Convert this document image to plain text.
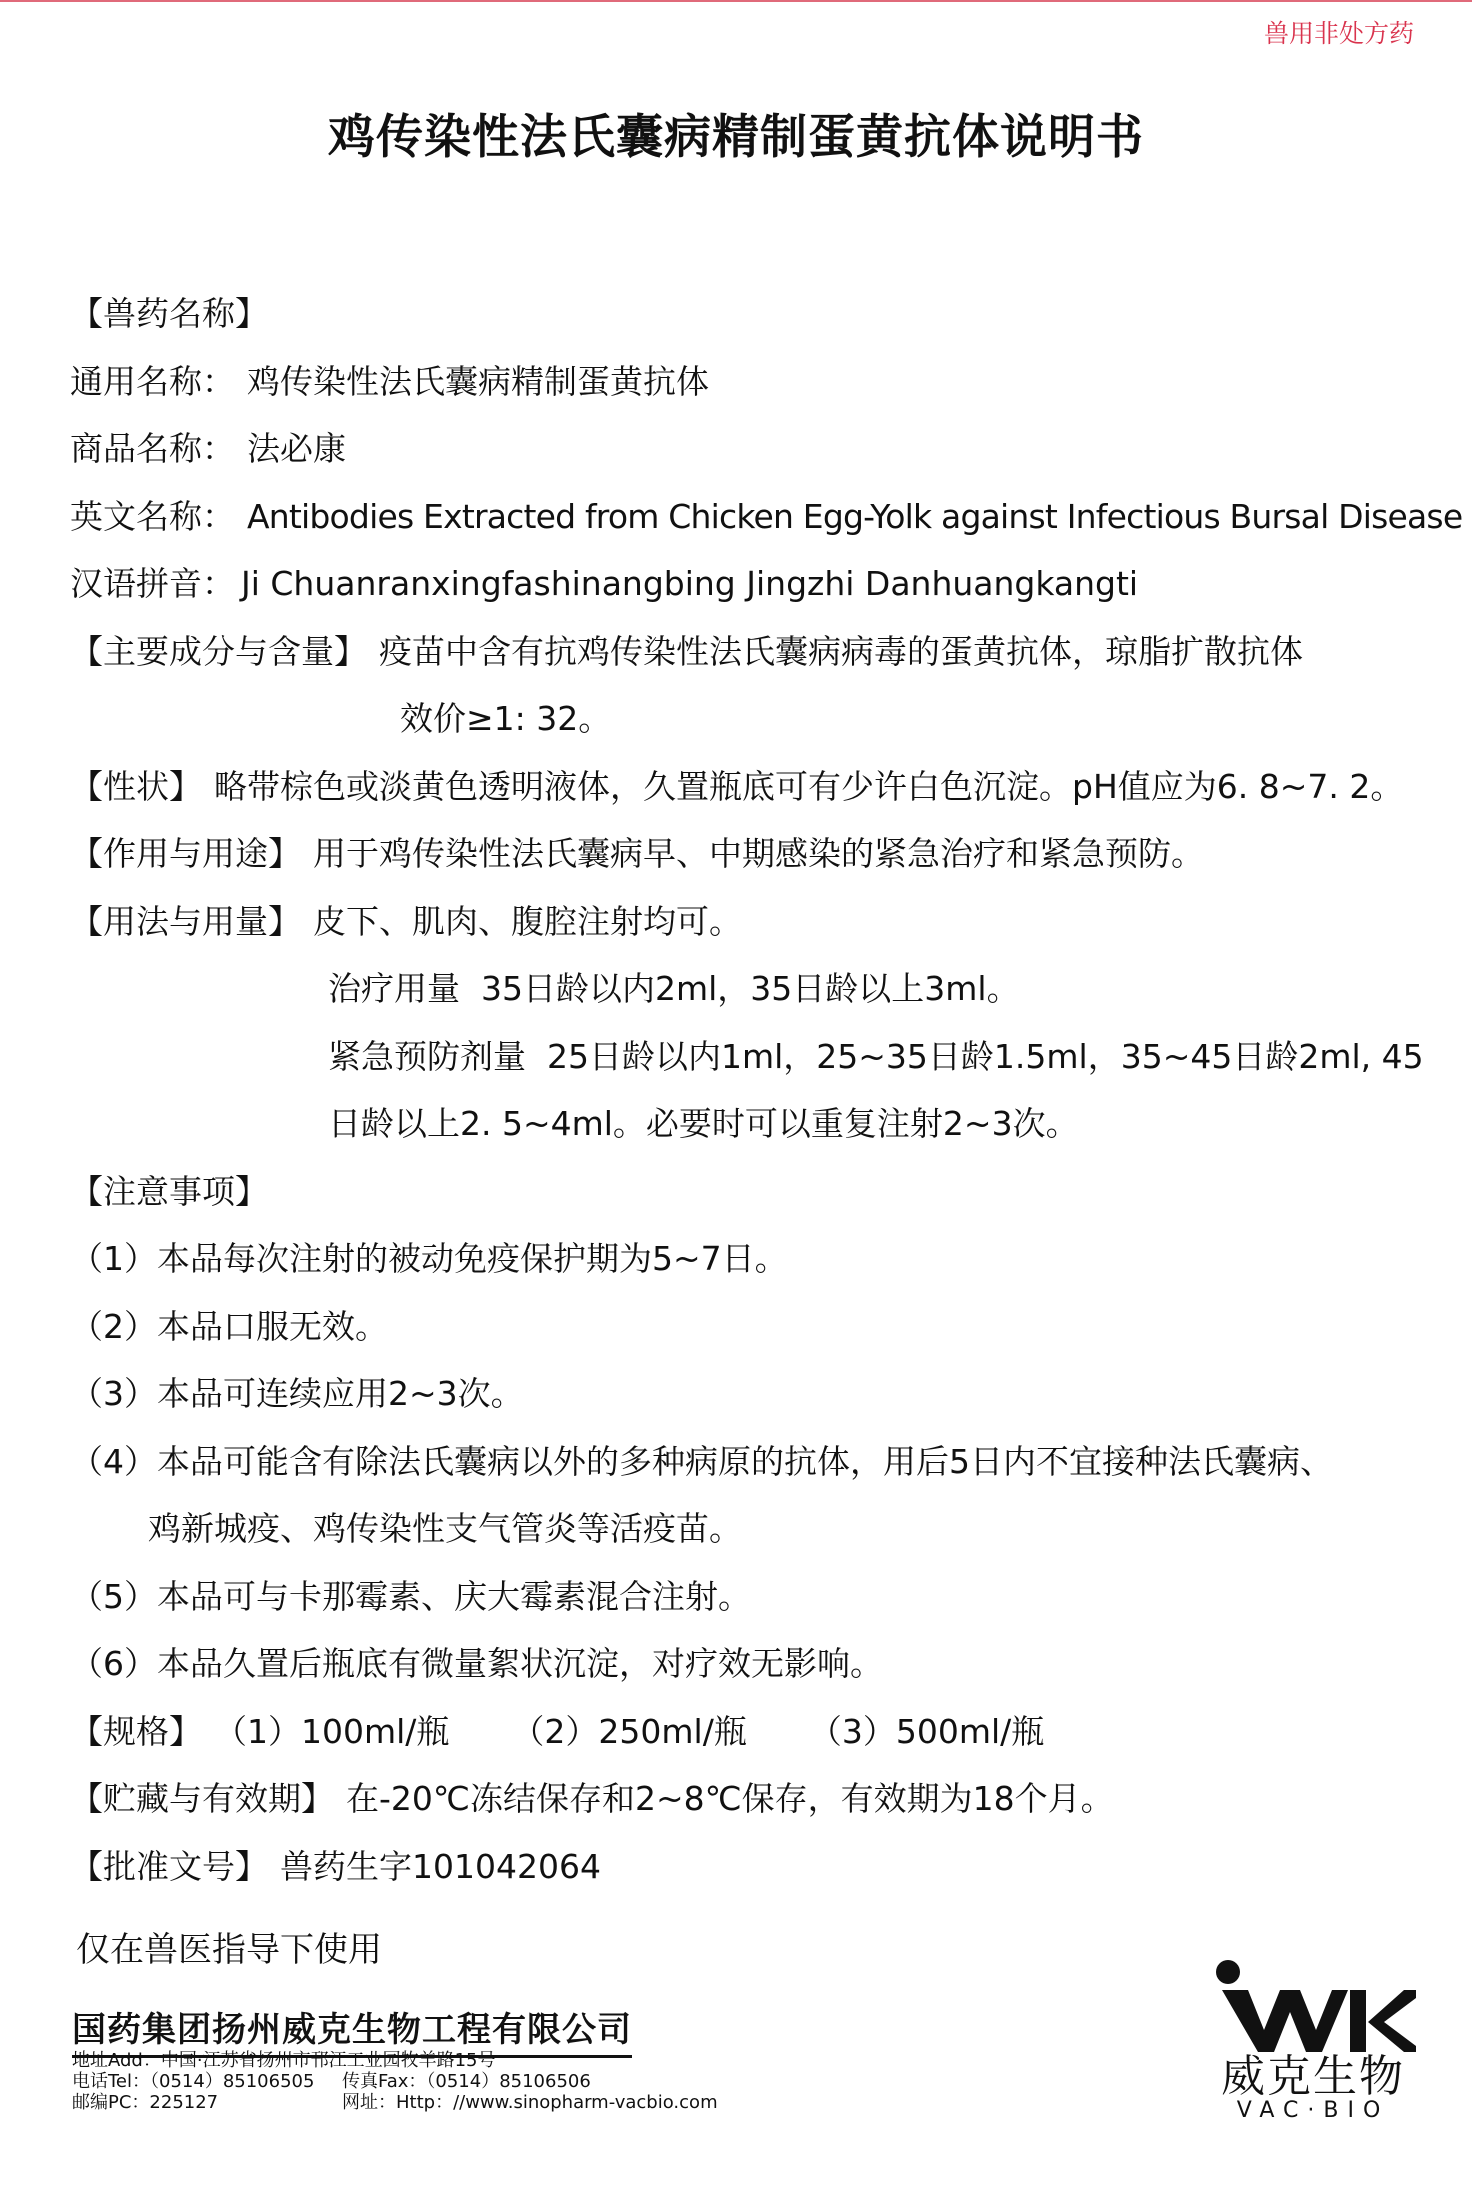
兽用非处方药
鸡传染性法氏囊病精制蛋黄抗体说明书
【兽药名称】
通用名称： 鸡传染性法氏囊病精制蛋黄抗体
商品名称： 法必康
英文名称： Antibodies Extracted from Chicken Egg-Yolk against Infectious Bursal Disease
汉语拼音： Ji Chuanranxingfashinangbing Jingzhi Danhuangkangti
【主要成分与含量】 疫苗中含有抗鸡传染性法氏囊病病毒的蛋黄抗体，琼脂扩散抗体
效价≥1: 32。
【性状】 略带棕色或淡黄色透明液体，久置瓶底可有少许白色沉淀。pH值应为6. 8~7. 2。
【作用与用途】 用于鸡传染性法氏囊病早、中期感染的紧急治疗和紧急预防。
【用法与用量】 皮下、肌肉、腹腔注射均可。
治疗用量  35日龄以内2ml，35日龄以上3ml。
紧急预防剂量  25日龄以内1ml，25~35日龄1.5ml，35~45日龄2ml, 45
日龄以上2. 5~4ml。必要时可以重复注射2~3次。
【注意事项】
（1）本品每次注射的被动免疫保护期为5~7日。
（2）本品口服无效。
（3）本品可连续应用2~3次。
（4）本品可能含有除法氏囊病以外的多种病原的抗体，用后5日内不宜接种法氏囊病、
鸡新城疫、鸡传染性支气管炎等活疫苗。
（5）本品可与卡那霉素、庆大霉素混合注射。
（6）本品久置后瓶底有微量絮状沉淀，对疗效无影响。
【规格】 （1）100ml/瓶 （2）250ml/瓶 （3）500ml/瓶
【贮藏与有效期】 在-20℃冻结保存和2~8℃保存，有效期为18个月。
【批准文号】 兽药生字101042064
仅在兽医指导下使用
国药集团扬州威克生物工程有限公司
地址Add：中国·江苏省扬州市邗江工业园牧羊路15号
电话Tel：（0514）85106505 传真Fax：（0514）85106506
邮编PC：225127	网址：Http：//www.sinopharm-vacbio.com
威克生物
VAC·BIO
